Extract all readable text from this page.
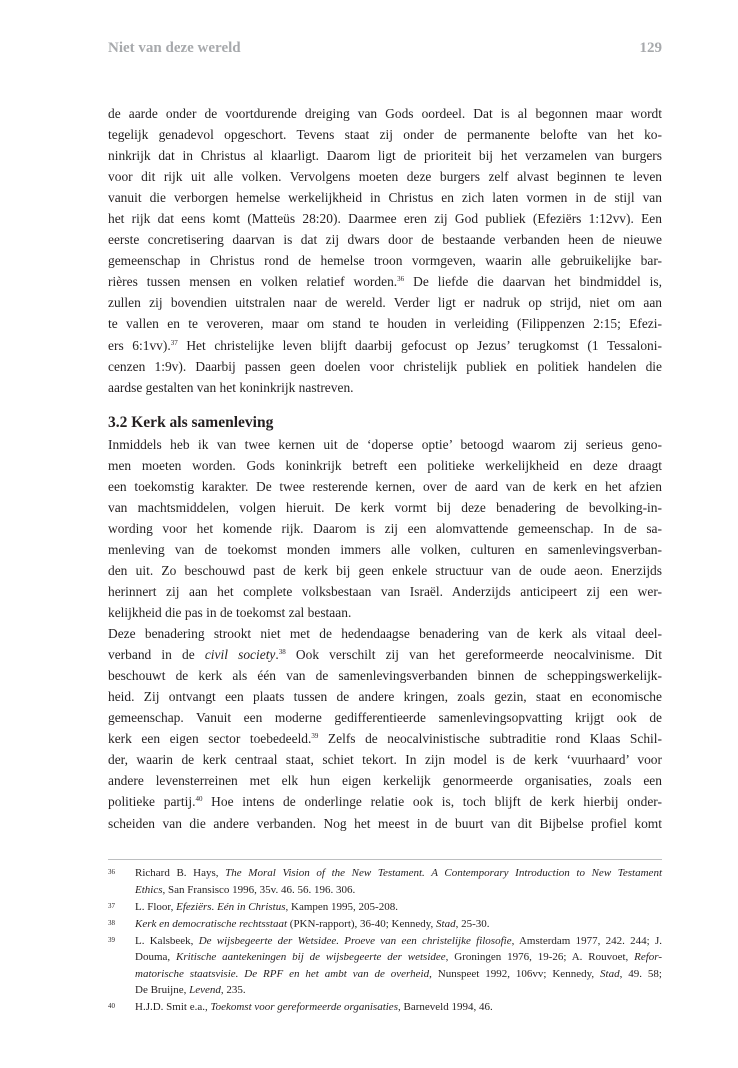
Niet van deze wereld	129

de aarde onder de voortdurende dreiging van Gods oordeel. Dat is al begonnen maar wordt
tegelijk genadevol opgeschort. Tevens staat zij onder de permanente belofte van het ko-
ninkrijk dat in Christus al klaarligt. Daarom ligt de prioriteit bij het verzamelen van burgers
voor dit rijk uit alle volken. Vervolgens moeten deze burgers zelf alvast beginnen te leven
vanuit die verborgen hemelse werkelijkheid in Christus en zich laten vormen in de stijl van
het rijk dat eens komt (Matteüs 28:20). Daarmee eren zij God publiek (Efeziërs 1:12vv). Een
eerste concretisering daarvan is dat zij dwars door de bestaande verbanden heen de nieuwe
gemeenschap in Christus rond de hemelse troon vormgeven, waarin alle gebruikelijke bar-
rières tussen mensen en volken relatief worden.$^{36}$ De liefde die daarvan het bindmiddel is,
zullen zij bovendien uitstralen naar de wereld. Verder ligt er nadruk op strijd, niet om aan
te vallen en te veroveren, maar om stand te houden in verleiding (Filippenzen 2:15; Efezi-
ers 6:1vv).$^{37}$ Het christelijke leven blijft daarbij gefocust op Jezus’ terugkomst (1 Tessaloni-
cenzen 1:9v). Daarbij passen geen doelen voor christelijk publiek en politiek handelen die
aardse gestalten van het koninkrijk nastreven.

3.2 Kerk als samenleving

Inmiddels heb ik van twee kernen uit de ‘doperse optie’ betoogd waarom zij serieus geno-
men moeten worden. Gods koninkrijk betreft een politieke werkelijkheid en deze draagt
een toekomstig karakter. De twee resterende kernen, over de aard van de kerk en het afzien
van machtsmiddelen, volgen hieruit. De kerk vormt bij deze benadering de bevolking-in-
wording voor het komende rijk. Daarom is zij een alomvattende gemeenschap. In de sa-
menleving van de toekomst monden immers alle volken, culturen en samenlevingsverban-
den uit. Zo beschouwd past de kerk bij geen enkele structuur van de oude aeon. Enerzijds
herinnert zij aan het complete volksbestaan van Israël. Anderzijds anticipeert zij een wer-
kelijkheid die pas in de toekomst zal bestaan.

Deze benadering strookt niet met de hedendaagse benadering van de kerk als vitaal deel-
verband in de civil society.$^{38}$ Ook verschilt zij van het gereformeerde neocalvinisme. Dit
beschouwt de kerk als één van de samenlevingsverbanden binnen de scheppingswerkelijk-
heid. Zij ontvangt een plaats tussen de andere kringen, zoals gezin, staat en economische
gemeenschap. Vanuit een moderne gedifferentieerde samenlevingsopvatting krijgt ook de
kerk een eigen sector toebedeeld.$^{39}$ Zelfs de neocalvinistische subtraditie rond Klaas Schil-
der, waarin de kerk centraal staat, schiet tekort. In zijn model is de kerk ‘vuurhaard’ voor
andere levensterreinen met elk hun eigen kerkelijk genormeerde organisaties, zoals een
politieke partij.$^{40}$ Hoe intens de onderlinge relatie ook is, toch blijft de kerk hierbij onder-
scheiden van die andere verbanden. Nog het meest in de buurt van dit Bijbelse profiel komt

36 Richard B. Hays, The Moral Vision of the New Testament. A Contemporary Introduction to New Testament
Ethics, San Fransisco 1996, 35v. 46. 56. 196. 306.
37 L. Floor, Efeziërs. Eén in Christus, Kampen 1995, 205-208.
38 Kerk en democratische rechtsstaat (PKN-rapport), 36-40; Kennedy, Stad, 25-30.
39 L. Kalsbeek, De wijsbegeerte der Wetsidee. Proeve van een christelijke filosofie, Amsterdam 1977, 242. 244; J.
Douma, Kritische aantekeningen bij de wijsbegeerte der wetsidee, Groningen 1976, 19-26; A. Rouvoet, Refor-
matorische staatsvisie. De RPF en het ambt van de overheid, Nunspeet 1992, 106vv; Kennedy, Stad, 49. 58;
De Bruijne, Levend, 235.
40 H.J.D. Smit e.a., Toekomst voor gereformeerde organisaties, Barneveld 1994, 46.
